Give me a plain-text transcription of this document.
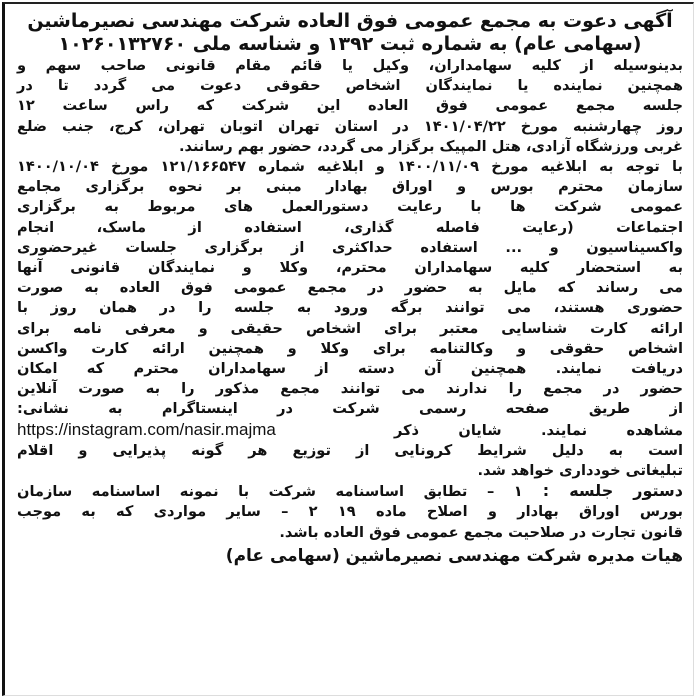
آگهی دعوت به مجمع عمومی فوق العاده شرکت مهندسی نصیرماشین
(سهامی عام) به شماره ثبت ۱۳۹۲ و شناسه ملی ۱۰۲۶۰۱۳۲۷۶۰
بدینوسیله از کلیه سهامداران، وکیل یا قائم مقام قانونی صاحب سهم و
همچنین نماینده یا نمایندگان اشخاص حقوقی دعوت می گردد تا در
جلسه مجمع عمومی فوق العاده این شرکت که راس ساعت ۱۲
روز چهارشنبه مورخ ۱۴۰۱/۰۴/۲۲ در استان تهران اتوبان تهران، کرج، جنب ضلع
غربی ورزشگاه آزادی، هتل المپیک برگزار می گردد، حضور بهم رسانند.
با توجه به ابلاغیه مورخ ۱۴۰۰/۱۱/۰۹ و ابلاغیه شماره ۱۲۱/۱۶۶۵۴۷ مورخ ۱۴۰۰/۱۰/۰۴
سازمان محترم بورس و اوراق بهادار مبنی بر نحوه برگزاری مجامع
عمومی شرکت ها با رعایت دستورالعمل های مربوط به برگزاری
اجتماعات (رعایت فاصله گذاری، استفاده از ماسک، انجام
واکسیناسیون و ... استفاده حداکثری از برگزاری جلسات غیرحضوری
به استحضار کلیه سهامداران محترم، وکلا و نمایندگان قانونی آنها
می رساند که مایل به حضور در مجمع عمومی فوق العاده به صورت
حضوری هستند، می توانند برگه ورود به جلسه را در همان روز با
ارائه کارت شناسایی معتبر برای اشخاص حقیقی و معرفی نامه برای
اشخاص حقوقی و وکالتنامه برای وکلا و همچنین ارائه کارت واکسن
دریافت نمایند. همچنین آن دسته از سهامداران محترم که امکان
حضور در مجمع را ندارند می توانند مجمع مذکور را به صورت آنلاین
از طریق صفحه رسمی شرکت در اینستاگرام به نشانی:
مشاهده نمایند. شایان ذکر   https://instagram.com/nasir.majma
است به دلیل شرایط کرونایی از توزیع هر گونه پذیرایی و اقلام
تبلیغاتی خودداری خواهد شد.
دستور جلسه : ۱ – تطابق اساسنامه شرکت با نمونه اساسنامه سازمان
بورس اوراق بهادار و اصلاح ماده ۱۹ ۲ – سایر مواردی که به موجب
قانون تجارت در صلاحیت مجمع عمومی فوق العاده باشد.
هیات مدیره شرکت مهندسی نصیرماشین (سهامی عام)
